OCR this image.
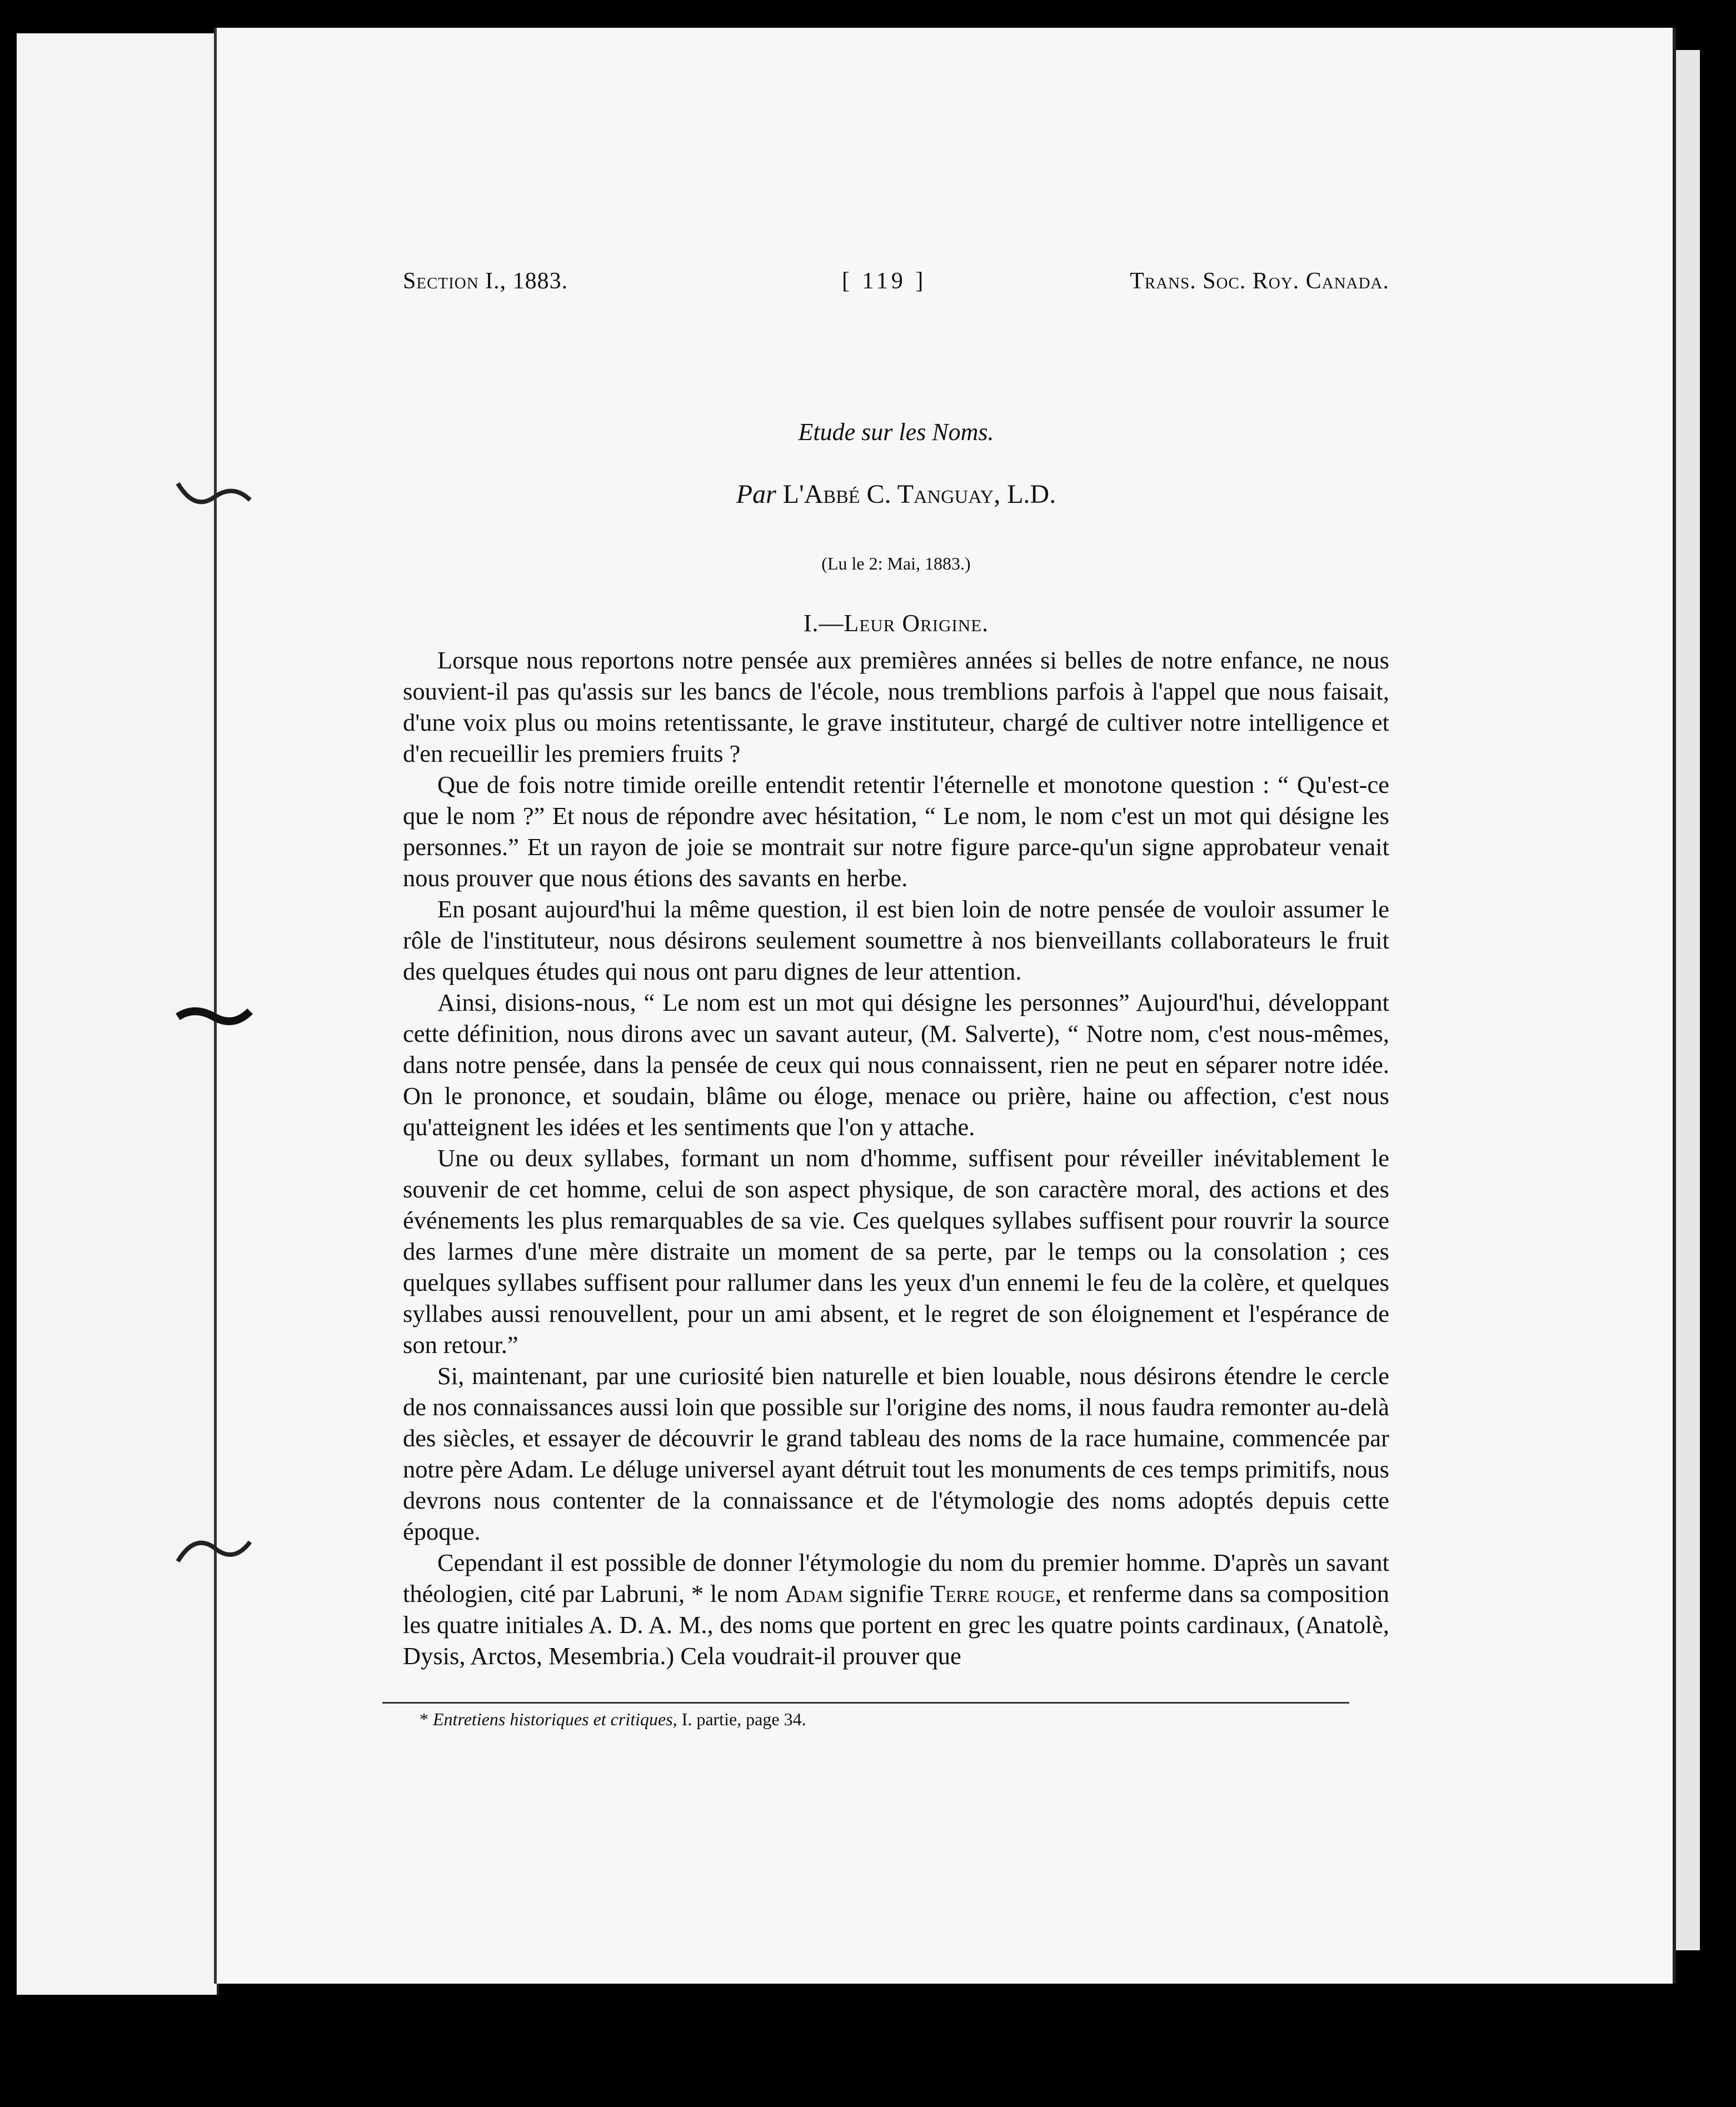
Section I., 1883.	[ 119 ]	Trans. Soc. Roy. Canada.
Etude sur les Noms.
Par L'Abbé C. Tanguay, L.D.
(Lu le 2: Mai, 1883.)
I.—Leur Origine.

Lorsque nous reportons notre pensée aux premières années si belles de notre enfance, ne nous souvient-il pas qu'assis sur les bancs de l'école, nous tremblions parfois à l'appel que nous faisait, d'une voix plus ou moins retentissante, le grave instituteur, chargé de cultiver notre intelligence et d'en recueillir les premiers fruits ?

Que de fois notre timide oreille entendit retentir l'éternelle et monotone question : “ Qu'est-ce que le nom ?” Et nous de répondre avec hésitation, “ Le nom, le nom c'est un mot qui désigne les personnes.” Et un rayon de joie se montrait sur notre figure parce-qu'un signe approbateur venait nous prouver que nous étions des savants en herbe.

En posant aujourd'hui la même question, il est bien loin de notre pensée de vouloir assumer le rôle de l'instituteur, nous désirons seulement soumettre à nos bienveillants collaborateurs le fruit des quelques études qui nous ont paru dignes de leur attention.

Ainsi, disions-nous, “ Le nom est un mot qui désigne les personnes” Aujourd'hui, développant cette définition, nous dirons avec un savant auteur, (M. Salverte), “ Notre nom, c'est nous-mêmes, dans notre pensée, dans la pensée de ceux qui nous connaissent, rien ne peut en séparer notre idée. On le prononce, et soudain, blâme ou éloge, menace ou prière, haine ou affection, c'est nous qu'atteignent les idées et les sentiments que l'on y attache.

Une ou deux syllabes, formant un nom d'homme, suffisent pour réveiller inévitablement le souvenir de cet homme, celui de son aspect physique, de son caractère moral, des actions et des événements les plus remarquables de sa vie. Ces quelques syllabes suffisent pour rouvrir la source des larmes d'une mère distraite un moment de sa perte, par le temps ou la consolation ; ces quelques syllabes suffisent pour rallumer dans les yeux d'un ennemi le feu de la colère, et quelques syllabes aussi renouvellent, pour un ami absent, et le regret de son éloignement et l'espérance de son retour.”

Si, maintenant, par une curiosité bien naturelle et bien louable, nous désirons étendre le cercle de nos connaissances aussi loin que possible sur l'origine des noms, il nous faudra remonter au-delà des siècles, et essayer de découvrir le grand tableau des noms de la race humaine, commencée par notre père Adam. Le déluge universel ayant détruit tout les monuments de ces temps primitifs, nous devrons nous contenter de la connaissance et de l'étymologie des noms adoptés depuis cette époque.

Cependant il est possible de donner l'étymologie du nom du premier homme. D'après un savant théologien, cité par Labruni, * le nom Adam signifie Terre rouge, et renferme dans sa composition les quatre initiales A. D. A. M., des noms que portent en grec les quatre points cardinaux, (Anatolè, Dysis, Arctos, Mesembria.) Cela voudrait-il prouver que

* Entretiens historiques et critiques, I. partie, page 34.
